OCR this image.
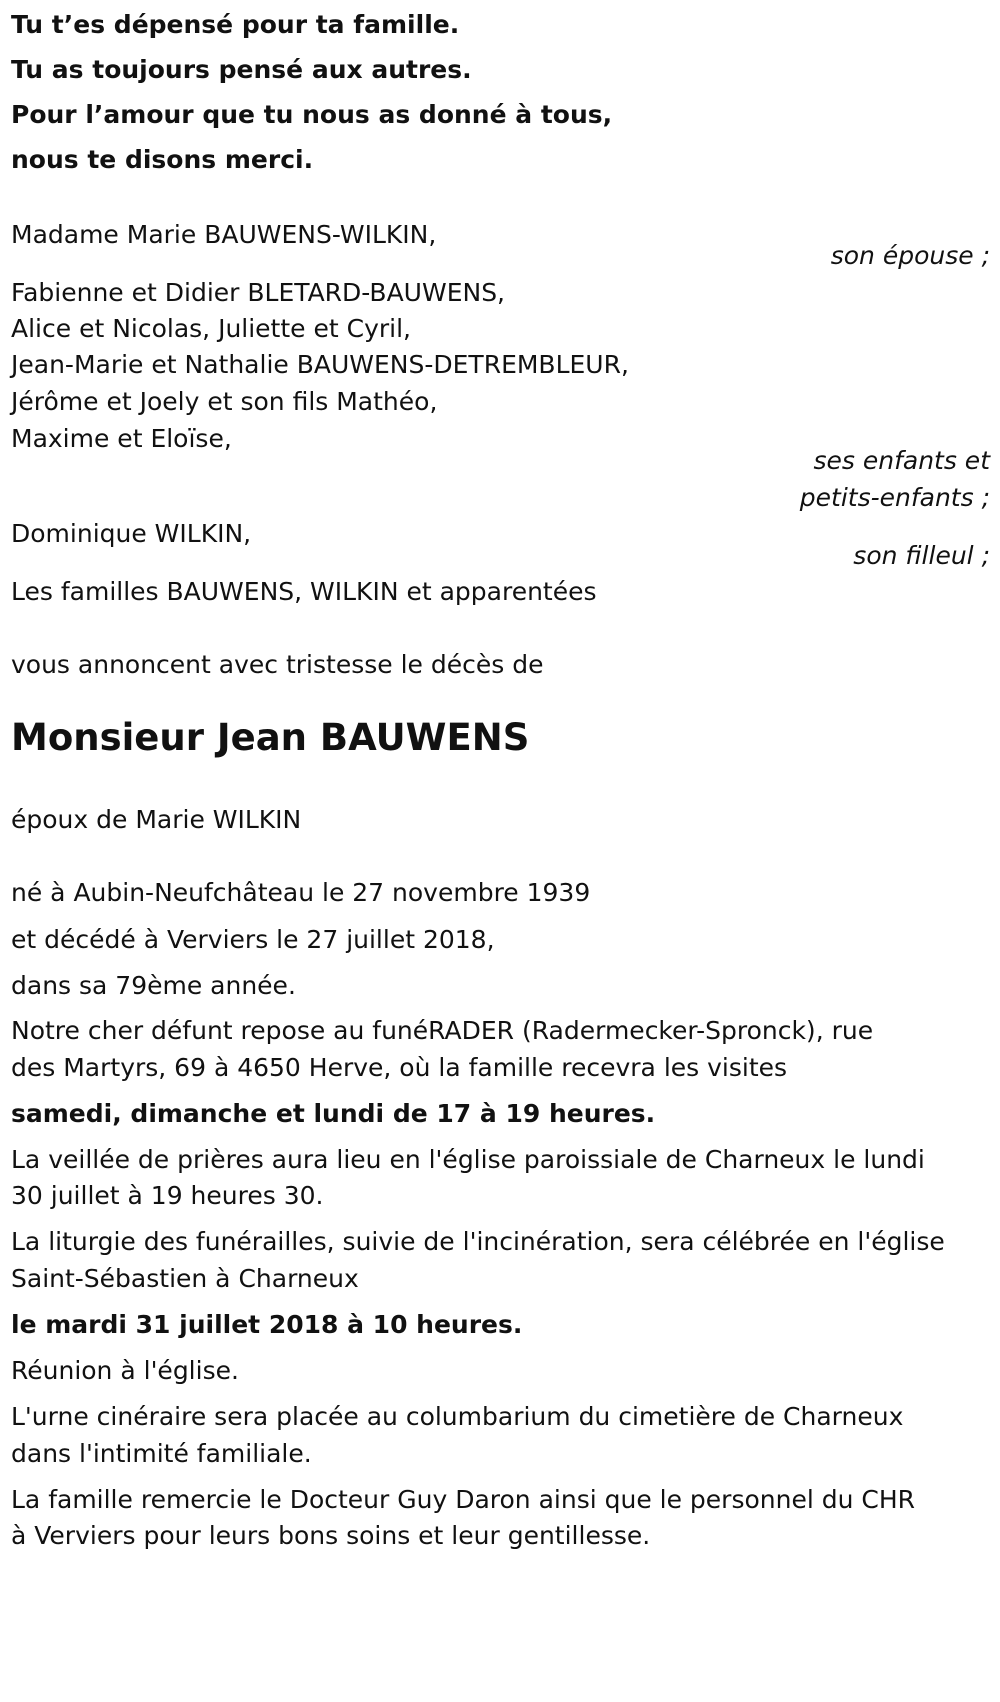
Tu t’es dépensé pour ta famille.
Tu as toujours pensé aux autres.
Pour l’amour que tu nous as donné à tous,
nous te disons merci.
Madame Marie BAUWENS-WILKIN,
son épouse ;
Fabienne et Didier BLETARD-BAUWENS,
Alice et Nicolas, Juliette et Cyril,
Jean-Marie et Nathalie BAUWENS-DETREMBLEUR,
Jérôme et Joely et son fils Mathéo,
Maxime et Eloïse,
ses enfants et
petits-enfants ;
Dominique WILKIN,
son filleul ;
Les familles BAUWENS, WILKIN et apparentées
vous annoncent avec tristesse le décès de
Monsieur Jean BAUWENS
époux de Marie WILKIN
né à Aubin-Neufchâteau le 27 novembre 1939
et décédé à Verviers le 27 juillet 2018,
dans sa 79ème année.
Notre cher défunt repose au funéRADER (Radermecker-Spronck), rue
des Martyrs, 69 à 4650 Herve, où la famille recevra les visites
samedi, dimanche et lundi de 17 à 19 heures.
La veillée de prières aura lieu en l'église paroissiale de Charneux le lundi
30 juillet à 19 heures 30.
La liturgie des funérailles, suivie de l'incinération, sera célébrée en l'église
Saint-Sébastien à Charneux
le mardi 31 juillet 2018 à 10 heures.
Réunion à l'église.
L'urne cinéraire sera placée au columbarium du cimetière de Charneux
dans l'intimité familiale.
La famille remercie le Docteur Guy Daron ainsi que le personnel du CHR
à Verviers pour leurs bons soins et leur gentillesse.
